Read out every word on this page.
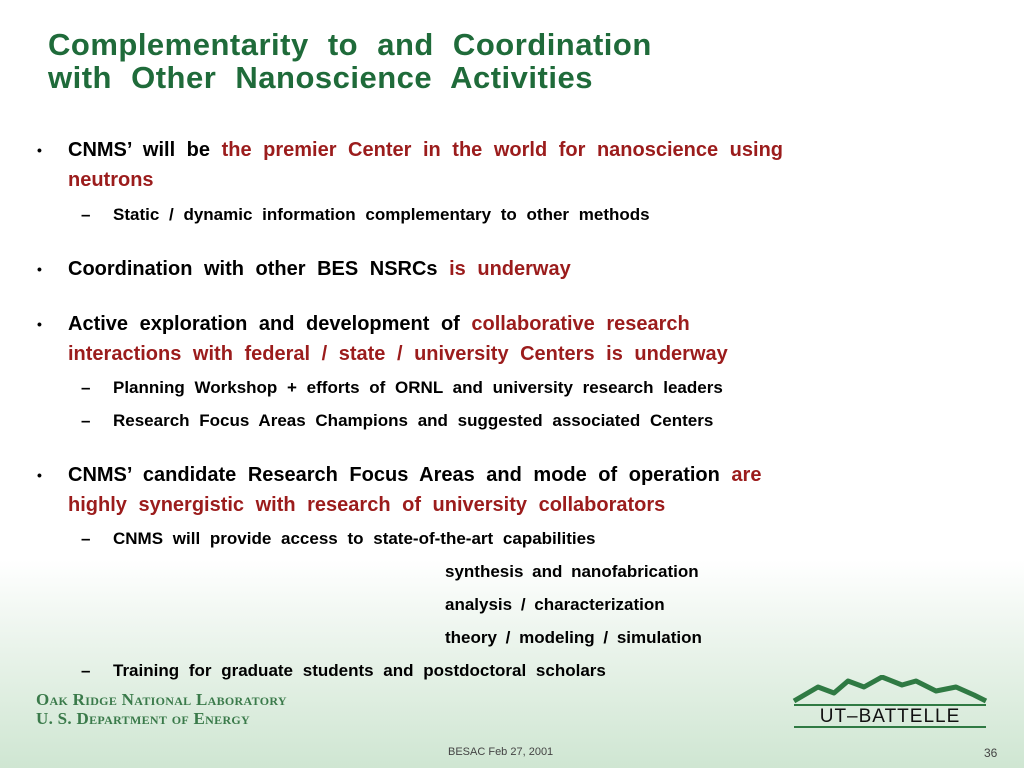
Complementarity to and Coordination
with Other Nanoscience Activities
• CNMS’ will be the premier Center in the world for nanoscience using
neutrons
– Static / dynamic information complementary to other methods
• Coordination with other BES NSRCs is underway
• Active exploration and development of collaborative research
interactions with federal / state / university Centers is underway
– Planning Workshop + efforts of ORNL and university research leaders
– Research Focus Areas Champions and suggested associated Centers
• CNMS’ candidate Research Focus Areas and mode of operation are
highly synergistic with research of university collaborators
– CNMS will provide access to state-of-the-art capabilities
synthesis and nanofabrication
analysis / characterization
theory / modeling / simulation
– Training for graduate students and postdoctoral scholars
Oak Ridge National Laboratory
U. S. Department of Energy	UT–BATTELLE
BESAC Feb 27, 2001	36
